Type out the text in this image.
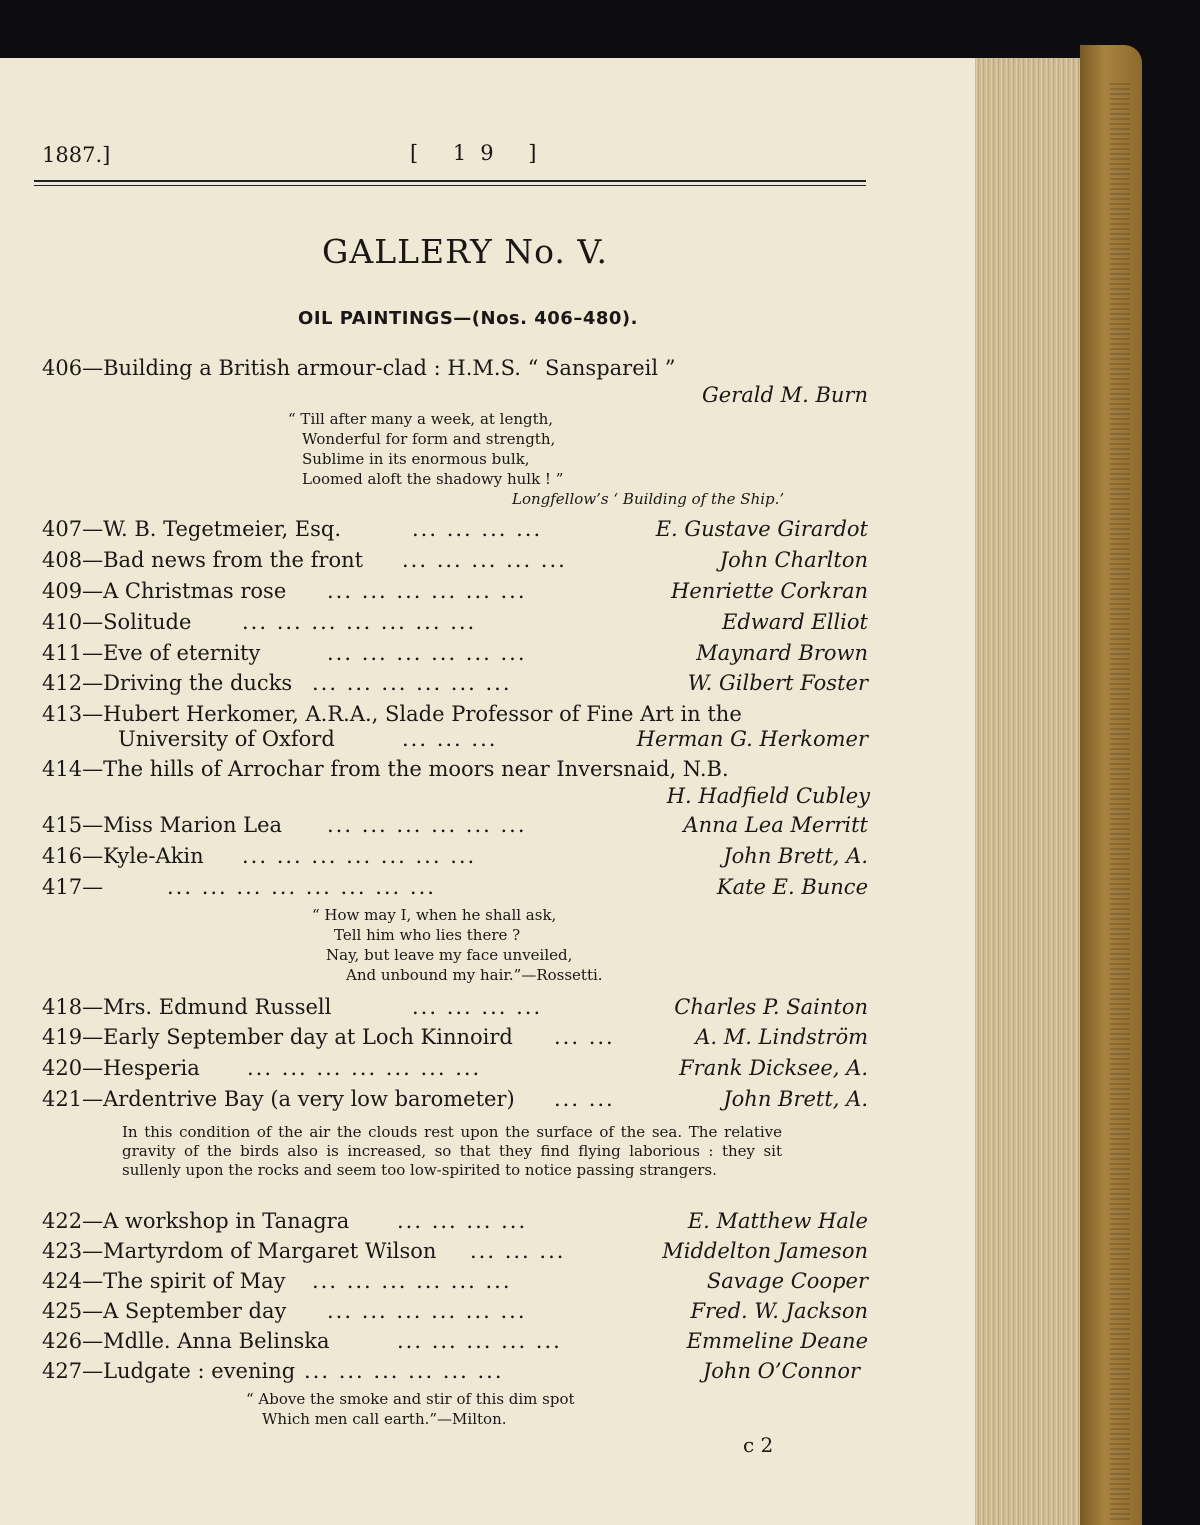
1887.]	[ 19 ]
GALLERY No. V.
OIL PAINTINGS—(Nos. 406–480).
406—Building a British armour-clad : H.M.S. “ Sanspareil ”
Gerald M. Burn
“ Till after many a week, at length,
Wonderful for form and strength,
Sublime in its enormous bulk,
Loomed aloft the shadowy hulk ! ”
Longfellow’s ‘ Building of the Ship.’
407—W. B. Tegetmeier, Esq.	... ... ... ...	E. Gustave Girardot
408—Bad news from the front ... ... ... ... ...	John Charlton
409—A Christmas rose ... ... ... ... ... ...	Henriette Corkran
410—Solitude ... ... ... ... ... ... ...	Edward Elliot
411—Eve of eternity	... ... ... ... ... ...	Maynard Brown
412—Driving the ducks ... ... ... ... ... ...	W. Gilbert Foster
413—Hubert Herkomer, A.R.A., Slade Professor of Fine Art in the
University of Oxford	... ... ...	Herman G. Herkomer
414—The hills of Arrochar from the moors near Inversnaid, N.B.
H. Hadfield Cubley
415—Miss Marion Lea ... ... ... ... ... ...	Anna Lea Merritt
416—Kyle-Akin ... ... ... ... ... ... ...	John Brett, A.
417—	... ... ... ... ... ... ... ...	Kate E. Bunce
“ How may I, when he shall ask,
Tell him who lies there ?
Nay, but leave my face unveiled,
And unbound my hair.”—Rossetti.
418—Mrs. Edmund Russell	... ... ... ...	Charles P. Sainton
419—Early September day at Loch Kinnoird ... ...	A. M. Lindström
420—Hesperia ... ... ... ... ... ... ...	Frank Dicksee, A.
421—Ardentrive Bay (a very low barometer) ... ...	John Brett, A.
In this condition of the air the clouds rest upon the surface of the sea. The relative gravity of the birds also is increased, so that they find flying laborious : they sit sullenly upon the rocks and seem too low-spirited to notice passing strangers.
422—A workshop in Tanagra ... ... ... ...	E. Matthew Hale
423—Martyrdom of Margaret Wilson ... ... ...	Middelton Jameson
424—The spirit of May ... ... ... ... ... ...	Savage Cooper
425—A September day ... ... ... ... ... ...	Fred. W. Jackson
426—Mdlle. Anna Belinska	... ... ... ... ...	Emmeline Deane
427—Ludgate : evening ... ... ... ... ... ...	John O’Connor
“ Above the smoke and stir of this dim spot
Which men call earth.”—Milton.
c 2
